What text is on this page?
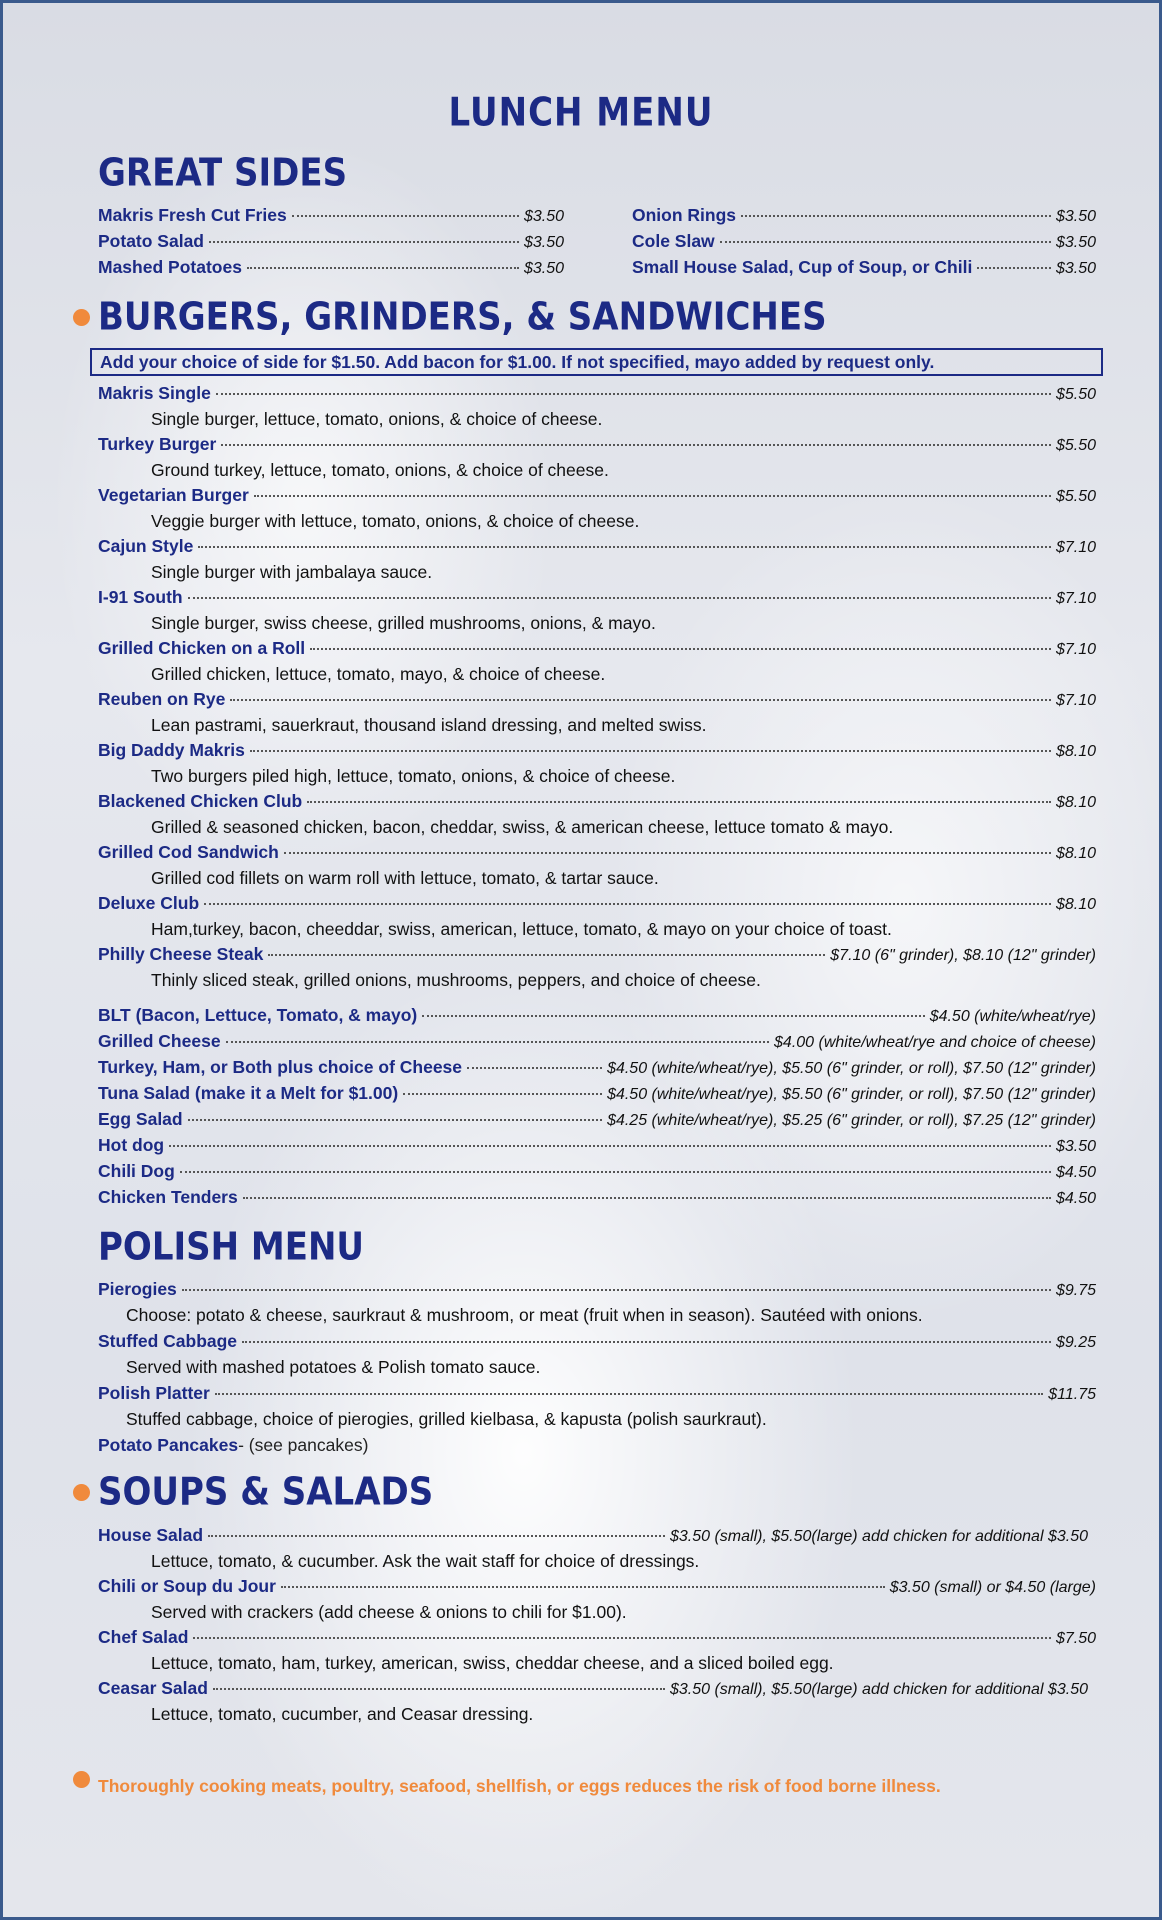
LUNCH MENU
GREAT SIDES
Makris Fresh Cut Fries	$3.50
Potato Salad	$3.50
Mashed Potatoes	$3.50
Onion Rings	$3.50
Cole Slaw	$3.50
Small House Salad, Cup of Soup, or Chili	$3.50
BURGERS, GRINDERS, & SANDWICHES
Add your choice of side for $1.50. Add bacon for $1.00. If not specified, mayo added by request only.
Makris Single	$5.50
Single burger, lettuce, tomato, onions, & choice of cheese.
Turkey Burger	$5.50
Ground turkey, lettuce, tomato, onions, & choice of cheese.
Vegetarian Burger	$5.50
Veggie burger with lettuce, tomato, onions, & choice of cheese.
Cajun Style	$7.10
Single burger with jambalaya sauce.
I-91 South	$7.10
Single burger, swiss cheese, grilled mushrooms, onions, & mayo.
Grilled Chicken on a Roll	$7.10
Grilled chicken, lettuce, tomato, mayo, & choice of cheese.
Reuben on Rye	$7.10
Lean pastrami, sauerkraut, thousand island dressing, and melted swiss.
Big Daddy Makris	$8.10
Two burgers piled high, lettuce, tomato, onions, & choice of cheese.
Blackened Chicken Club	$8.10
Grilled & seasoned chicken, bacon, cheddar, swiss, & american cheese, lettuce tomato & mayo.
Grilled Cod Sandwich	$8.10
Grilled cod fillets on warm roll with lettuce, tomato, & tartar sauce.
Deluxe Club	$8.10
Ham,turkey, bacon, cheeddar, swiss, american, lettuce, tomato, & mayo on your choice of toast.
Philly Cheese Steak	$7.10 (6" grinder), $8.10 (12" grinder)
Thinly sliced steak, grilled onions, mushrooms, peppers, and choice of cheese.
BLT (Bacon, Lettuce, Tomato, & mayo)	$4.50 (white/wheat/rye)
Grilled Cheese	$4.00 (white/wheat/rye and choice of cheese)
Turkey, Ham, or Both plus choice of Cheese	$4.50 (white/wheat/rye), $5.50 (6" grinder, or roll), $7.50 (12" grinder)
Tuna Salad (make it a Melt for $1.00)	$4.50 (white/wheat/rye), $5.50 (6" grinder, or roll), $7.50 (12" grinder)
Egg Salad	$4.25 (white/wheat/rye), $5.25 (6" grinder, or roll), $7.25 (12" grinder)
Hot dog	$3.50
Chili Dog	$4.50
Chicken Tenders	$4.50
POLISH MENU
Pierogies	$9.75
Choose: potato & cheese, saurkraut & mushroom, or meat (fruit when in season). Sautéed with onions.
Stuffed Cabbage	$9.25
Served with mashed potatoes & Polish tomato sauce.
Polish Platter	$11.75
Stuffed cabbage, choice of pierogies, grilled kielbasa, & kapusta (polish saurkraut).
Potato Pancakes - (see pancakes)
SOUPS & SALADS
House Salad	$3.50 (small), $5.50(large) add chicken for additional $3.50
Lettuce, tomato, & cucumber. Ask the wait staff for choice of dressings.
Chili or Soup du Jour	$3.50 (small) or $4.50 (large)
Served with crackers (add cheese & onions to chili for $1.00).
Chef Salad	$7.50
Lettuce, tomato, ham, turkey, american, swiss, cheddar cheese, and a sliced boiled egg.
Ceasar Salad	$3.50 (small), $5.50(large) add chicken for additional $3.50
Lettuce, tomato, cucumber, and Ceasar dressing.
Thoroughly cooking meats, poultry, seafood, shellfish, or eggs reduces the risk of food borne illness.
